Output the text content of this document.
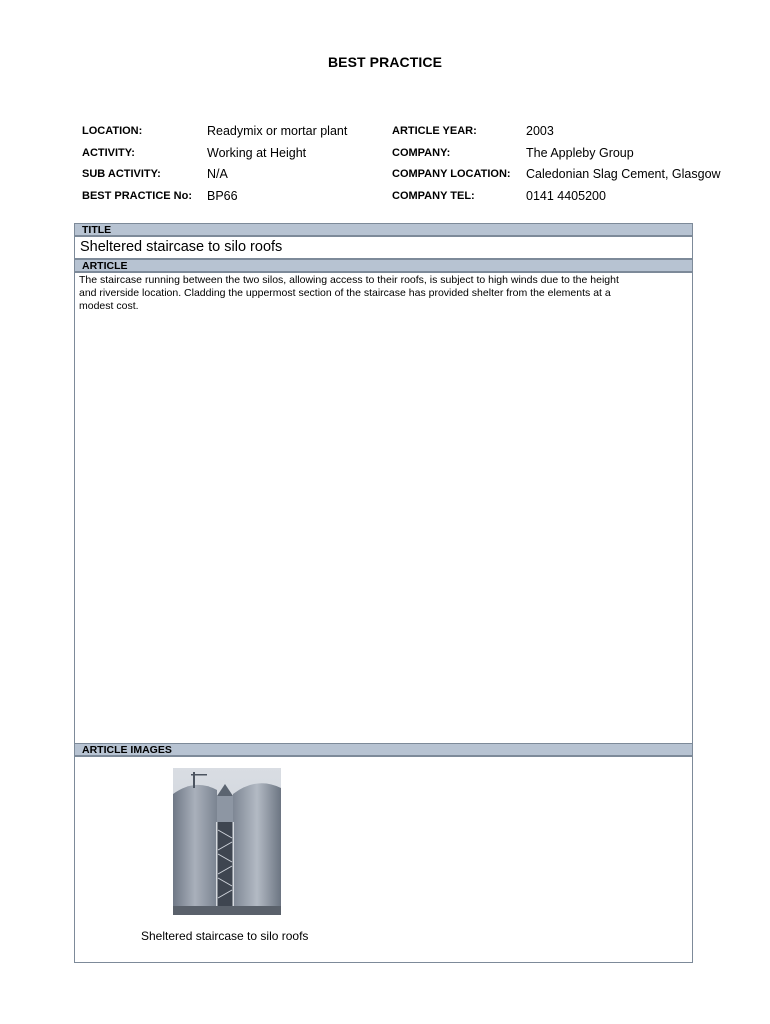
BEST PRACTICE
LOCATION:	Readymix or mortar plant
ACTIVITY:	Working at Height
SUB ACTIVITY:	N/A
BEST PRACTICE No: BP66
ARTICLE YEAR:	2003
COMPANY:	The Appleby Group
COMPANY LOCATION: Caledonian Slag Cement, Glasgow
COMPANY TEL:	0141 4405200
TITLE
Sheltered staircase to silo roofs
ARTICLE
The staircase running between the two silos, allowing access to their roofs, is subject to high winds due to the height
and riverside location. Cladding the uppermost section of the staircase has provided shelter from the elements at a
modest cost.
ARTICLE IMAGES
Sheltered staircase to silo roofs
